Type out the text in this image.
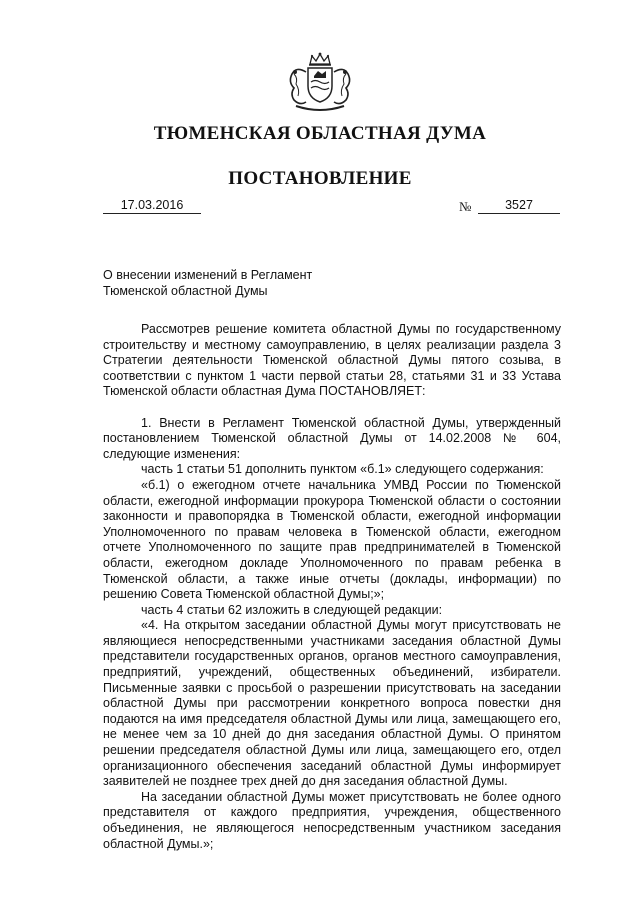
ТЮМЕНСКАЯ ОБЛАСТНАЯ ДУМА
ПОСТАНОВЛЕНИЕ
17.03.2016	№	3527
О внесении изменений в Регламент
Тюменской областной Думы

Рассмотрев решение комитета областной Думы по государственному строительству и местному самоуправлению, в целях реализации раздела 3 Стратегии деятельности Тюменской областной Думы пятого созыва, в соответствии с пунктом 1 части первой статьи 28, статьями 31 и 33 Устава Тюменской области областная Дума ПОСТАНОВЛЯЕТ:

1. Внести в Регламент Тюменской областной Думы, утвержденный постановлением Тюменской областной Думы от 14.02.2008 № 604, следующие изменения:

часть 1 статьи 51 дополнить пунктом «б.1» следующего содержания:

«б.1) о ежегодном отчете начальника УМВД России по Тюменской области, ежегодной информации прокурора Тюменской области о состоянии законности и правопорядка в Тюменской области, ежегодной информации Уполномоченного по правам человека в Тюменской области, ежегодном отчете Уполномоченного по защите прав предпринимателей в Тюменской области, ежегодном докладе Уполномоченного по правам ребенка в Тюменской области, а также иные отчеты (доклады, информации) по решению Совета Тюменской областной Думы;»;

часть 4 статьи 62 изложить в следующей редакции:

«4. На открытом заседании областной Думы могут присутствовать не являющиеся непосредственными участниками заседания областной Думы представители государственных органов, органов местного самоуправления, предприятий, учреждений, общественных объединений, избиратели. Письменные заявки с просьбой о разрешении присутствовать на заседании областной Думы при рассмотрении конкретного вопроса повестки дня подаются на имя председателя областной Думы или лица, замещающего его, не менее чем за 10 дней до дня заседания областной Думы. О принятом решении председателя областной Думы или лица, замещающего его, отдел организационного обеспечения заседаний областной Думы информирует заявителей не позднее трех дней до дня заседания областной Думы.

На заседании областной Думы может присутствовать не более одного представителя от каждого предприятия, учреждения, общественного объединения, не являющегося непосредственным участником заседания областной Думы.»;
